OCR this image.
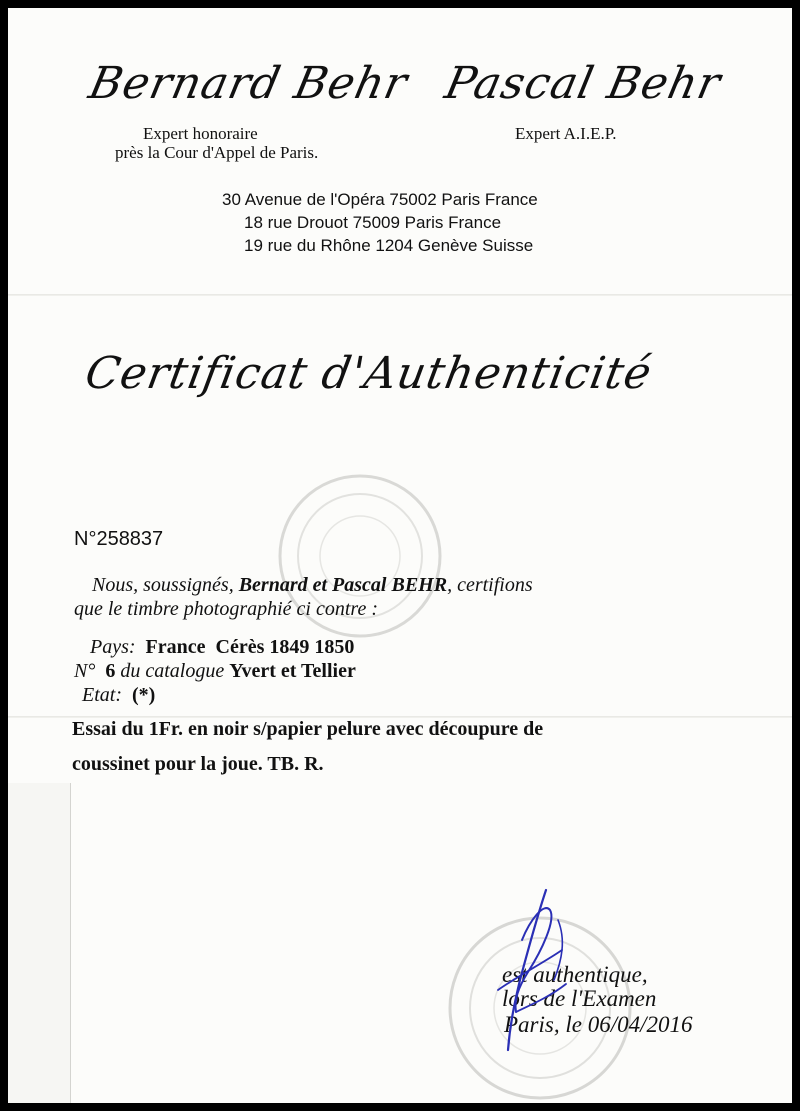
Bernard Behr Pascal Behr
Expert honoraire
près la Cour d'Appel de Paris.
Expert A.I.E.P.
30 Avenue de l'Opéra 75002 Paris France
18 rue Drouot 75009 Paris France
19 rue du Rhône 1204 Genève Suisse
Certificat d'Authenticité
N°258837
Nous, soussignés, Bernard et Pascal BEHR, certifions
que le timbre photographié ci contre :
Pays: France  Cérès 1849 1850
N° 6 du catalogue Yvert et Tellier
Etat: (*)
Essai du 1Fr. en noir s/papier pelure avec découpure de
coussinet pour la joue. TB. R.
est authentique,
lors de l'Examen
Paris, le 06/04/2016
